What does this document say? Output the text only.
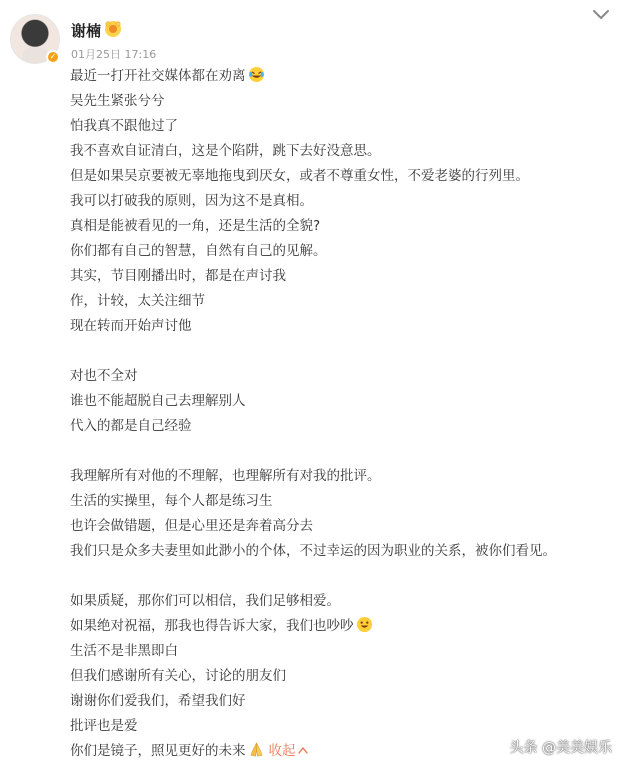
✓
谢楠
01月25日 17:16
最近一打开社交媒体都在劝离
吴先生紧张兮兮
怕我真不跟他过了
我不喜欢自证清白，这是个陷阱，跳下去好没意思。
但是如果吴京要被无辜地拖曳到厌女，或者不尊重女性，不爱老婆的行列里。
我可以打破我的原则，因为这不是真相。
真相是能被看见的一角，还是生活的全貌?
你们都有自己的智慧，自然有自己的见解。
其实，节目刚播出时，都是在声讨我
作，计较，太关注细节
现在转而开始声讨他
对也不全对
谁也不能超脱自己去理解别人
代入的都是自己经验
我理解所有对他的不理解，也理解所有对我的批评。
生活的实操里，每个人都是练习生
也许会做错题，但是心里还是奔着高分去
我们只是众多夫妻里如此渺小的个体，不过幸运的因为职业的关系，被你们看见。
如果质疑，那你们可以相信，我们足够相爱。
如果绝对祝福，那我也得告诉大家，我们也吵吵
生活不是非黑即白
但我们感谢所有关心，讨论的朋友们
谢谢你们爱我们，希望我们好
批评也是爱
你们是镜子，照见更好的未来 收起	头条 @美美娱乐
